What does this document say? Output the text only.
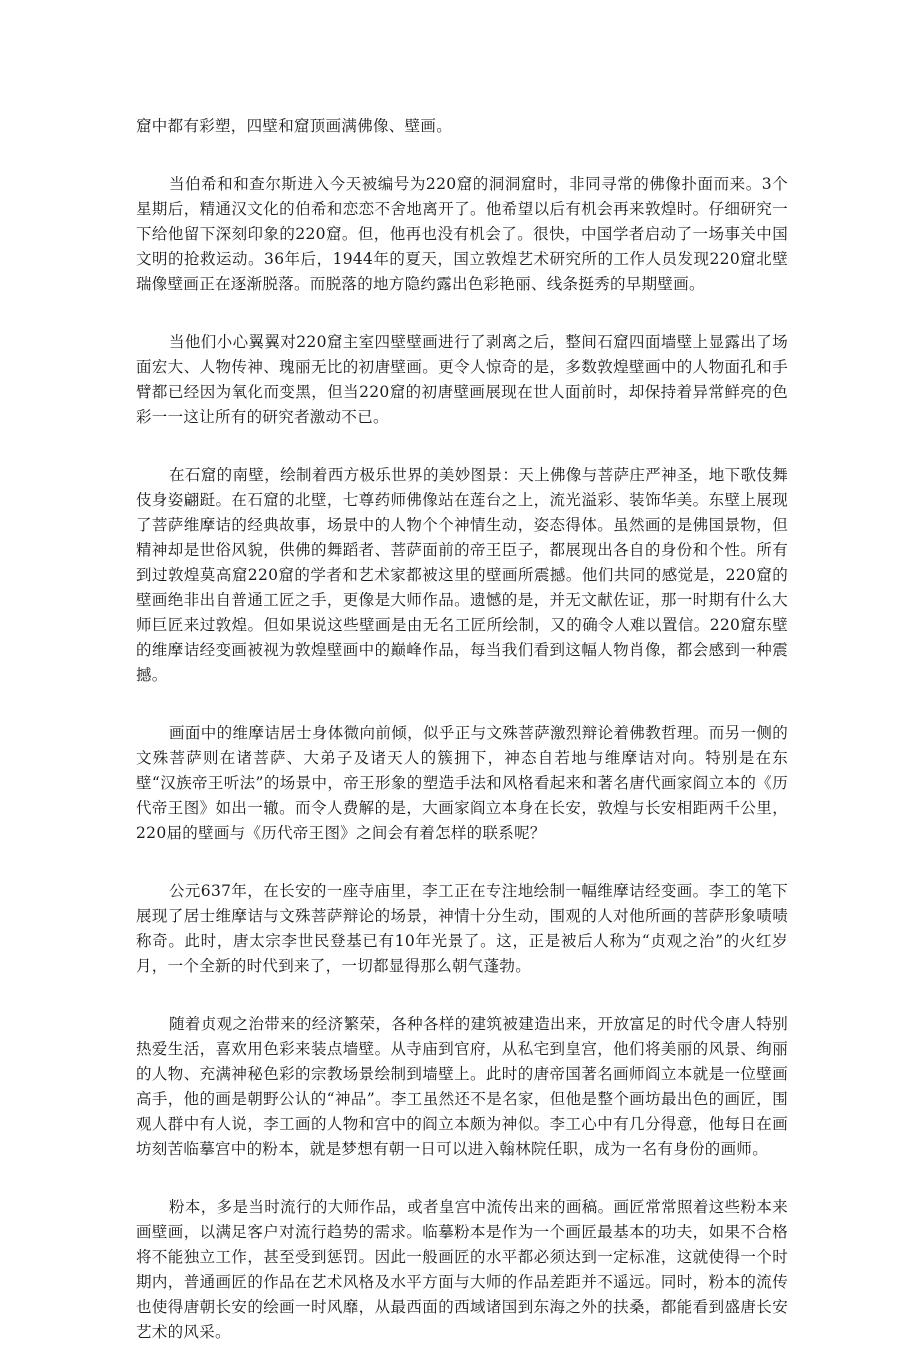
窟中都有彩塑，四壁和窟顶画满佛像、壁画。

当伯希和和查尔斯进入今天被编号为220窟的洞洞窟时，非同寻常的佛像扑面而来。3个星期后，精通汉文化的伯希和恋恋不舍地离开了。他希望以后有机会再来敦煌时。仔细研究一下给他留下深刻印象的220窟。但，他再也没有机会了。很快，中国学者启动了一场事关中国文明的抢救运动。36年后，1944年的夏天，国立敦煌艺术研究所的工作人员发现220窟北壁瑞像壁画正在逐渐脱落。而脱落的地方隐约露出色彩艳丽、线条挺秀的早期壁画。

当他们小心翼翼对220窟主室四壁壁画进行了剥离之后，整间石窟四面墙壁上显露出了场面宏大、人物传神、瑰丽无比的初唐壁画。更令人惊奇的是，多数敦煌壁画中的人物面孔和手臂都已经因为氧化而变黑，但当220窟的初唐壁画展现在世人面前时，却保持着异常鲜亮的色彩一一这让所有的研究者激动不已。

在石窟的南壁，绘制着西方极乐世界的美妙图景：天上佛像与菩萨庄严神圣，地下歌伎舞伎身姿翩跹。在石窟的北壁，七尊药师佛像站在莲台之上，流光溢彩、装饰华美。东壁上展现了菩萨维摩诘的经典故事，场景中的人物个个神情生动，姿态得体。虽然画的是佛国景物，但精神却是世俗风貌，供佛的舞蹈者、菩萨面前的帝王臣子，都展现出各自的身份和个性。所有到过敦煌莫高窟220窟的学者和艺术家都被这里的壁画所震撼。他们共同的感觉是，220窟的壁画绝非出自普通工匠之手，更像是大师作品。遗憾的是，并无文献佐证，那一时期有什么大师巨匠来过敦煌。但如果说这些壁画是由无名工匠所绘制，又的确令人难以置信。220窟东壁的维摩诘经变画被视为敦煌壁画中的巅峰作品，每当我们看到这幅人物肖像，都会感到一种震撼。

画面中的维摩诘居士身体微向前倾，似乎正与文殊菩萨激烈辩论着佛教哲理。而另一侧的文殊菩萨则在诸菩萨、大弟子及诸天人的簇拥下，神态自若地与维摩诘对向。特别是在东壁“汉族帝王听法”的场景中，帝王形象的塑造手法和风格看起来和著名唐代画家阎立本的《历代帝王图》如出一辙。而令人费解的是，大画家阎立本身在长安，敦煌与长安相距两千公里，220届的壁画与《历代帝王图》之间会有着怎样的联系呢？

公元637年，在长安的一座寺庙里，李工正在专注地绘制一幅维摩诘经变画。李工的笔下展现了居士维摩诘与文殊菩萨辩论的场景，神情十分生动，围观的人对他所画的菩萨形象啧啧称奇。此时，唐太宗李世民登基已有10年光景了。这，正是被后人称为“贞观之治”的火红岁月，一个全新的时代到来了，一切都显得那么朝气蓬勃。

随着贞观之治带来的经济繁荣，各种各样的建筑被建造出来，开放富足的时代令唐人特别热爱生活，喜欢用色彩来装点墙壁。从寺庙到官府，从私宅到皇宫，他们将美丽的风景、绚丽的人物、充满神秘色彩的宗教场景绘制到墙壁上。此时的唐帝国著名画师阎立本就是一位壁画高手，他的画是朝野公认的“神品”。李工虽然还不是名家，但他是整个画坊最出色的画匠，围观人群中有人说，李工画的人物和宫中的阎立本颇为神似。李工心中有几分得意，他每日在画坊刻苦临摹宫中的粉本，就是梦想有朝一日可以进入翰林院任职，成为一名有身份的画师。

粉本，多是当时流行的大师作品，或者皇宫中流传出来的画稿。画匠常常照着这些粉本来画壁画，以满足客户对流行趋势的需求。临摹粉本是作为一个画匠最基本的功夫，如果不合格将不能独立工作，甚至受到惩罚。因此一般画匠的水平都必须达到一定标准，这就使得一个时期内，普通画匠的作品在艺术风格及水平方面与大师的作品差距并不遥远。同时，粉本的流传也使得唐朝长安的绘画一时风靡，从最西面的西域诸国到东海之外的扶桑，都能看到盛唐长安艺术的风采。
